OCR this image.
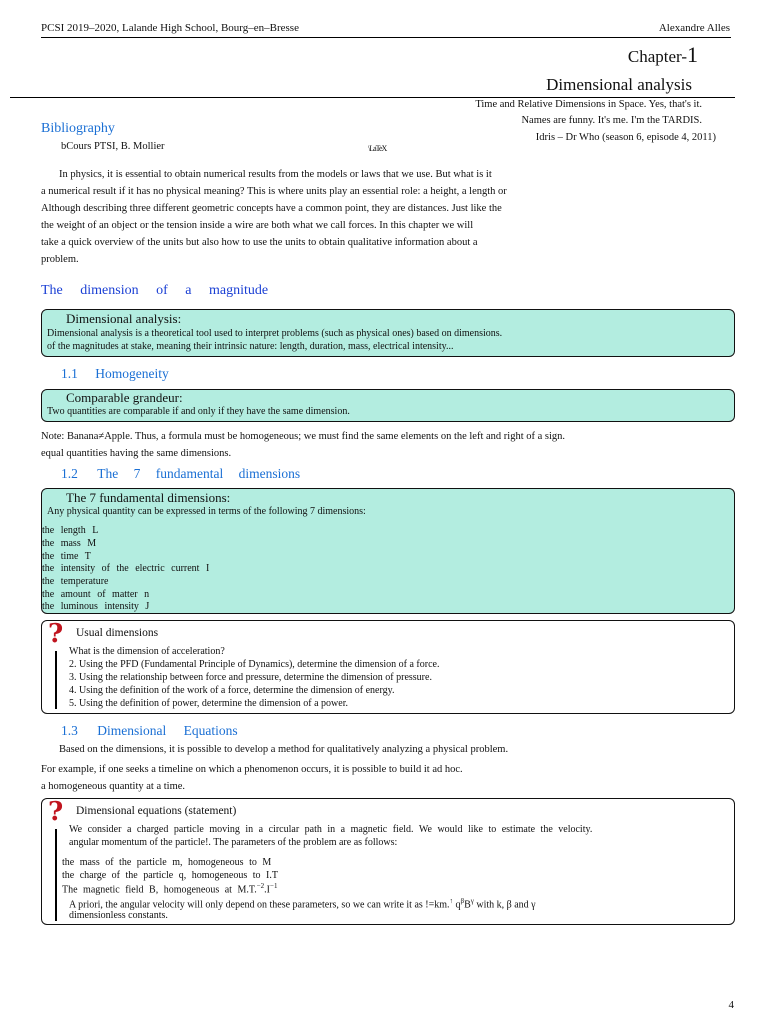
PCSI 2019–2020, Lalande High School, Bourg–en–Bresse	Alexandre Alles
Chapter-1
Dimensional analysis
Time and Relative Dimensions in Space. Yes, that's it.
Names are funny. It's me. I'm the TARDIS.
Idris – Dr Who (season 6, episode 4, 2011)
Bibliography
bCours PTSI, B. Mollier	\LaTeX
In physics, it is essential to obtain numerical results from the models or laws that we use. But what is it
a numerical result if it has no physical meaning? This is where units play an essential role: a height, a length or
Although describing three different geometric concepts have a common point, they are distances. Just like the
the weight of an object or the tension inside a wire are both what we call forces. In this chapter we will
take a quick overview of the units but also how to use the units to obtain qualitative information about a
problem.
The dimension of a magnitude
Dimensional analysis:
Dimensional analysis is a theoretical tool used to interpret problems (such as physical ones) based on dimensions.
of the magnitudes at stake, meaning their intrinsic nature: length, duration, mass, electrical intensity...
1.1 Homogeneity
Comparable grandeur:
Two quantities are comparable if and only if they have the same dimension.
Note: Banana≠Apple. Thus, a formula must be homogeneous; we must find the same elements on the left and right of a sign.
equal quantities having the same dimensions.
1.2 The 7 fundamental dimensions
The 7 fundamental dimensions:
Any physical quantity can be expressed in terms of the following 7 dimensions:
the length L
the mass M
the time T
the intensity of the electric current I
the temperature
the amount of matter n
the luminous intensity J
? Usual dimensions
What is the dimension of acceleration?
2. Using the PFD (Fundamental Principle of Dynamics), determine the dimension of a force.
3. Using the relationship between force and pressure, determine the dimension of pressure.
4. Using the definition of the work of a force, determine the dimension of energy.
5. Using the definition of power, determine the dimension of a power.
1.3 Dimensional Equations
Based on the dimensions, it is possible to develop a method for qualitatively analyzing a physical problem.
For example, if one seeks a timeline on which a phenomenon occurs, it is possible to build it ad hoc.
a homogeneous quantity at a time.
? Dimensional equations (statement)
We consider a charged particle moving in a circular path in a magnetic field. We would like to estimate the velocity.
angular momentum of the particle!. The parameters of the problem are as follows:
the mass of the particle m, homogeneous to M
the charge of the particle q, homogeneous to I.T
The magnetic field B, homogeneous at $M.T.^{-2}.I^{-1}$
A priori, the angular velocity will only depend on these parameters, so we can write it as !=km.↑ $q^\beta B^\gamma$ with k, β and γ
dimensionless constants.
4
